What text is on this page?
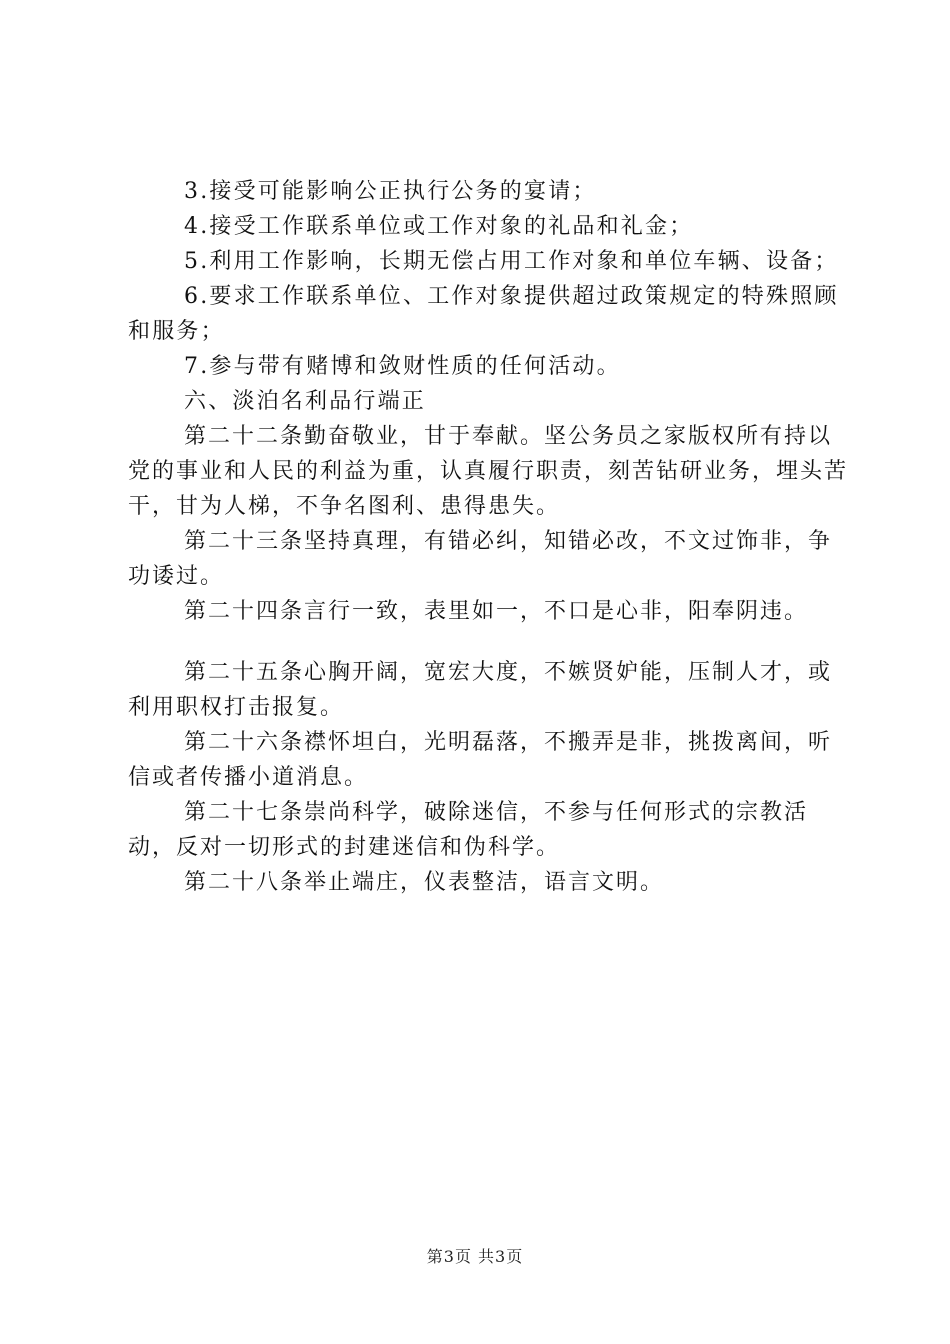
3.接受可能影响公正执行公务的宴请；

4.接受工作联系单位或工作对象的礼品和礼金；

5.利用工作影响，长期无偿占用工作对象和单位车辆、设备；

6.要求工作联系单位、工作对象提供超过政策规定的特殊照顾和服务；

7.参与带有赌博和敛财性质的任何活动。

六、淡泊名利品行端正

第二十二条勤奋敬业，甘于奉献。坚公务员之家版权所有持以党的事业和人民的利益为重，认真履行职责，刻苦钻研业务，埋头苦干，甘为人梯，不争名图利、患得患失。

第二十三条坚持真理，有错必纠，知错必改，不文过饰非，争功诿过。

第二十四条言行一致，表里如一，不口是心非，阳奉阴违。

第二十五条心胸开阔，宽宏大度，不嫉贤妒能，压制人才，或利用职权打击报复。

第二十六条襟怀坦白，光明磊落，不搬弄是非，挑拨离间，听信或者传播小道消息。

第二十七条崇尚科学，破除迷信，不参与任何形式的宗教活动，反对一切形式的封建迷信和伪科学。

第二十八条举止端庄，仪表整洁，语言文明。

第3页 共3页
